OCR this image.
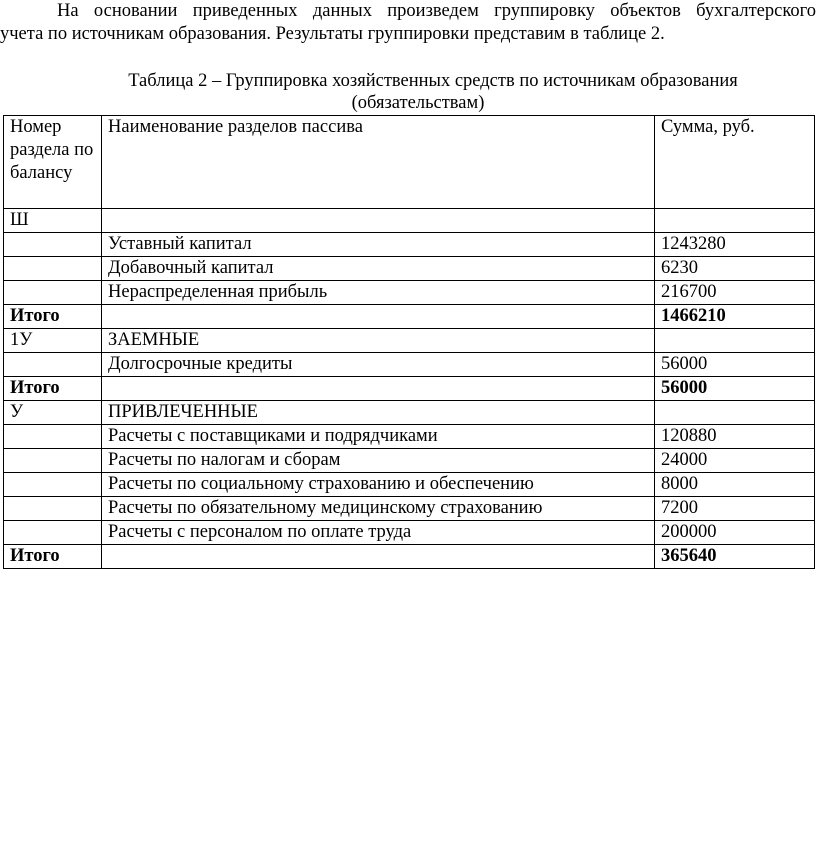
На основании приведенных данных произведем группировку объектов бухгалтерского
учета по источникам образования. Результаты группировки представим в таблице 2.
Таблица 2 – Группировка хозяйственных средств по источникам образования
(обязательствам)
Номер раздела по балансу	Наименование разделов пассива	Сумма, руб.
Ш		
	Уставный капитал	1243280
	Добавочный капитал	6230
	Нераспределенная прибыль	216700
Итого		1466210
1У	ЗАЕМНЫЕ	
	Долгосрочные кредиты	56000
Итого		56000
У	ПРИВЛЕЧЕННЫЕ	
	Расчеты с поставщиками и подрядчиками	120880
	Расчеты по налогам и сборам	24000
	Расчеты по социальному страхованию и обеспечению	8000
	Расчеты по обязательному медицинскому страхованию	7200
	Расчеты с персоналом по оплате труда	200000
Итого		365640
